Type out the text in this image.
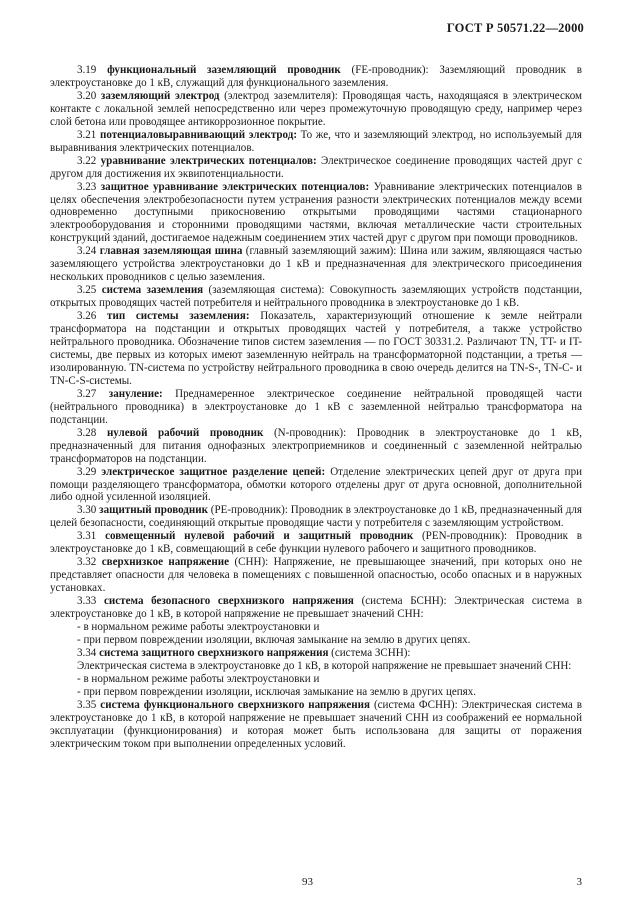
ГОСТ Р 50571.22—2000

3.19 функциональный заземляющий проводник (FE-проводник): Заземляющий проводник в электроустановке до 1 кВ, служащий для функционального заземления.

3.20 заземляющий электрод (электрод заземлителя): Проводящая часть, находящаяся в электрическом контакте с локальной землей непосредственно или через промежуточную проводящую среду, например через слой бетона или проводящее антикоррозионное покрытие.

3.21 потенциаловыравнивающий электрод: То же, что и заземляющий электрод, но используемый для выравнивания электрических потенциалов.

3.22 уравнивание электрических потенциалов: Электрическое соединение проводящих частей друг с другом для достижения их эквипотенциальности.

3.23 защитное уравнивание электрических потенциалов: Уравнивание электрических потенциалов в целях обеспечения электробезопасности путем устранения разности электрических потенциалов между всеми одновременно доступными прикосновению открытыми проводящими частями стационарного электрооборудования и сторонними проводящими частями, включая металлические части строительных конструкций зданий, достигаемое надежным соединением этих частей друг с другом при помощи проводников.

3.24 главная заземляющая шина (главный заземляющий зажим): Шина или зажим, являющаяся частью заземляющего устройства электроустановки до 1 кВ и предназначенная для электрического присоединения нескольких проводников с целью заземления.

3.25 система заземления (заземляющая система): Совокупность заземляющих устройств подстанции, открытых проводящих частей потребителя и нейтрального проводника в электроустановке до 1 кВ.

3.26 тип системы заземления: Показатель, характеризующий отношение к земле нейтрали трансформатора на подстанции и открытых проводящих частей у потребителя, а также устройство нейтрального проводника. Обозначение типов систем заземления — по ГОСТ 30331.2. Различают TN, TT- и IT-системы, две первых из которых имеют заземленную нейтраль на трансформаторной подстанции, а третья — изолированную. TN-система по устройству нейтрального проводника в свою очередь делится на TN-S-, TN-C- и TN-C-S-системы.

3.27 зануление: Преднамеренное электрическое соединение нейтральной проводящей части (нейтрального проводника) в электроустановке до 1 кВ с заземленной нейтралью трансформатора на подстанции.

3.28 нулевой рабочий проводник (N-проводник): Проводник в электроустановке до 1 кВ, предназначенный для питания однофазных электроприемников и соединенный с заземленной нейтралью трансформаторов на подстанции.

3.29 электрическое защитное разделение цепей: Отделение электрических цепей друг от друга при помощи разделяющего трансформатора, обмотки которого отделены друг от друга основной, дополнительной либо одной усиленной изоляцией.

3.30 защитный проводник (PE-проводник): Проводник в электроустановке до 1 кВ, предназначенный для целей безопасности, соединяющий открытые проводящие части у потребителя с заземляющим устройством.

3.31 совмещенный нулевой рабочий и защитный проводник (PEN-проводник): Проводник в электроустановке до 1 кВ, совмещающий в себе функции нулевого рабочего и защитного проводников.

3.32 сверхнизкое напряжение (СНН): Напряжение, не превышающее значений, при которых оно не представляет опасности для человека в помещениях с повышенной опасностью, особо опасных и в наружных установках.

3.33 система безопасного сверхнизкого напряжения (система БСНН): Электрическая система в электроустановке до 1 кВ, в которой напряжение не превышает значений СНН:

- в нормальном режиме работы электроустановки и

- при первом повреждении изоляции, включая замыкание на землю в других цепях.

3.34 система защитного сверхнизкого напряжения (система ЗСНН):

Электрическая система в электроустановке до 1 кВ, в которой напряжение не превышает значений СНН:

- в нормальном режиме работы электроустановки и

- при первом повреждении изоляции, исключая замыкание на землю в других цепях.

3.35 система функционального сверхнизкого напряжения (система ФСНН): Электрическая система в электроустановке до 1 кВ, в которой напряжение не превышает значений СНН из соображений ее нормальной эксплуатации (функционирования) и которая может быть использована для защиты от поражения электрическим током при выполнении определенных условий.

93	3
